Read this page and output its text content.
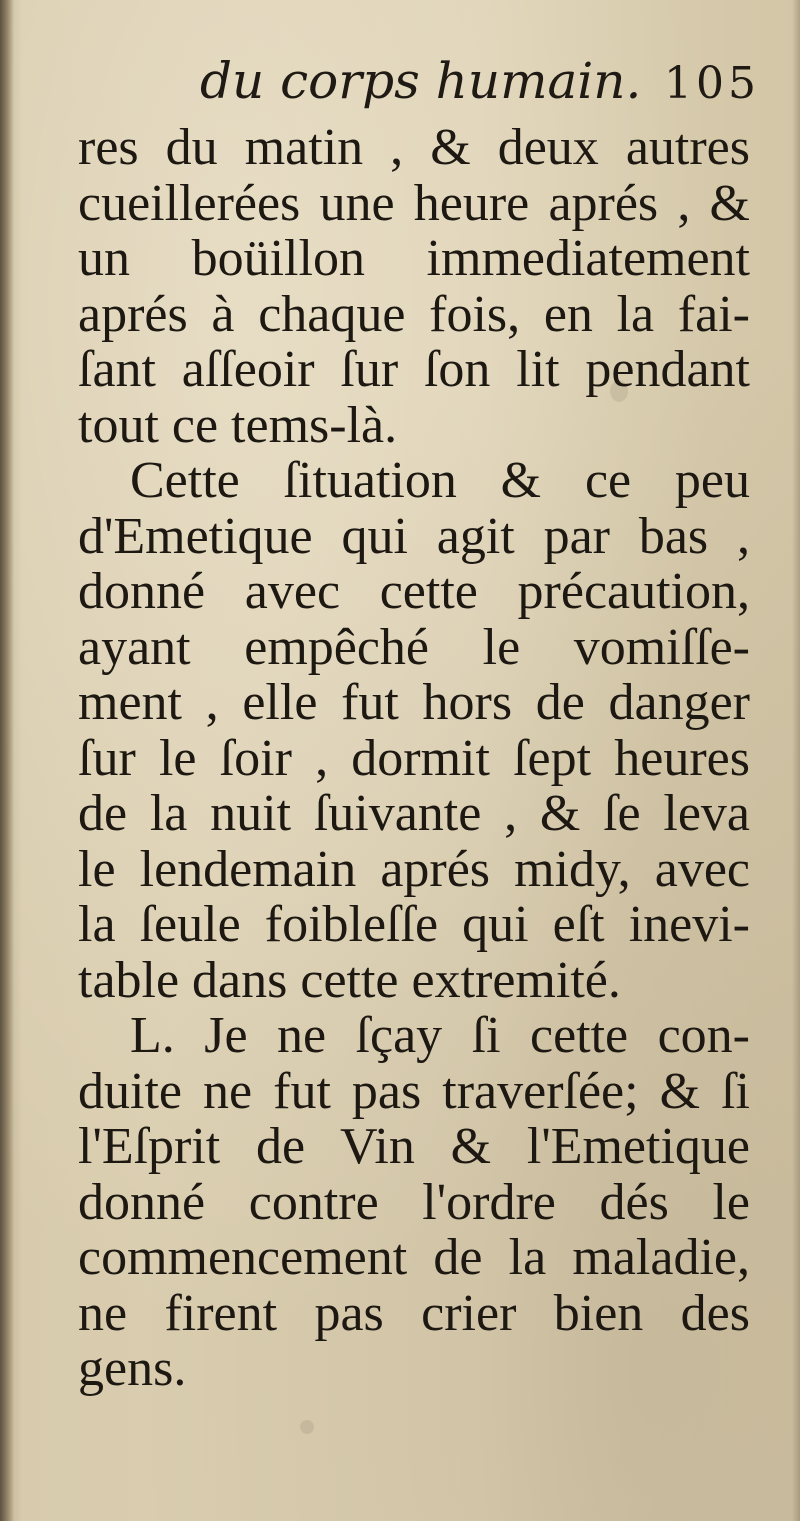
du corps humain. 105
res du matin , & deux autres
cueillerées une heure aprés , &
un boüillon immediatement
aprés à chaque fois, en la fai-
ſant aſſeoir ſur ſon lit pendant
tout ce tems-là.
Cette ſituation & ce peu
d'Emetique qui agit par bas ,
donné avec cette précaution,
ayant empêché le vomiſſe-
ment , elle fut hors de danger
ſur le ſoir , dormit ſept heures
de la nuit ſuivante , & ſe leva
le lendemain aprés midy, avec
la ſeule foibleſſe qui eſt inevi-
table dans cette extremité.
L. Je ne ſçay ſi cette con-
duite ne fut pas traverſée; & ſi
l'Eſprit de Vin & l'Emetique
donné contre l'ordre dés le
commencement de la maladie,
ne firent pas crier bien des
gens.
